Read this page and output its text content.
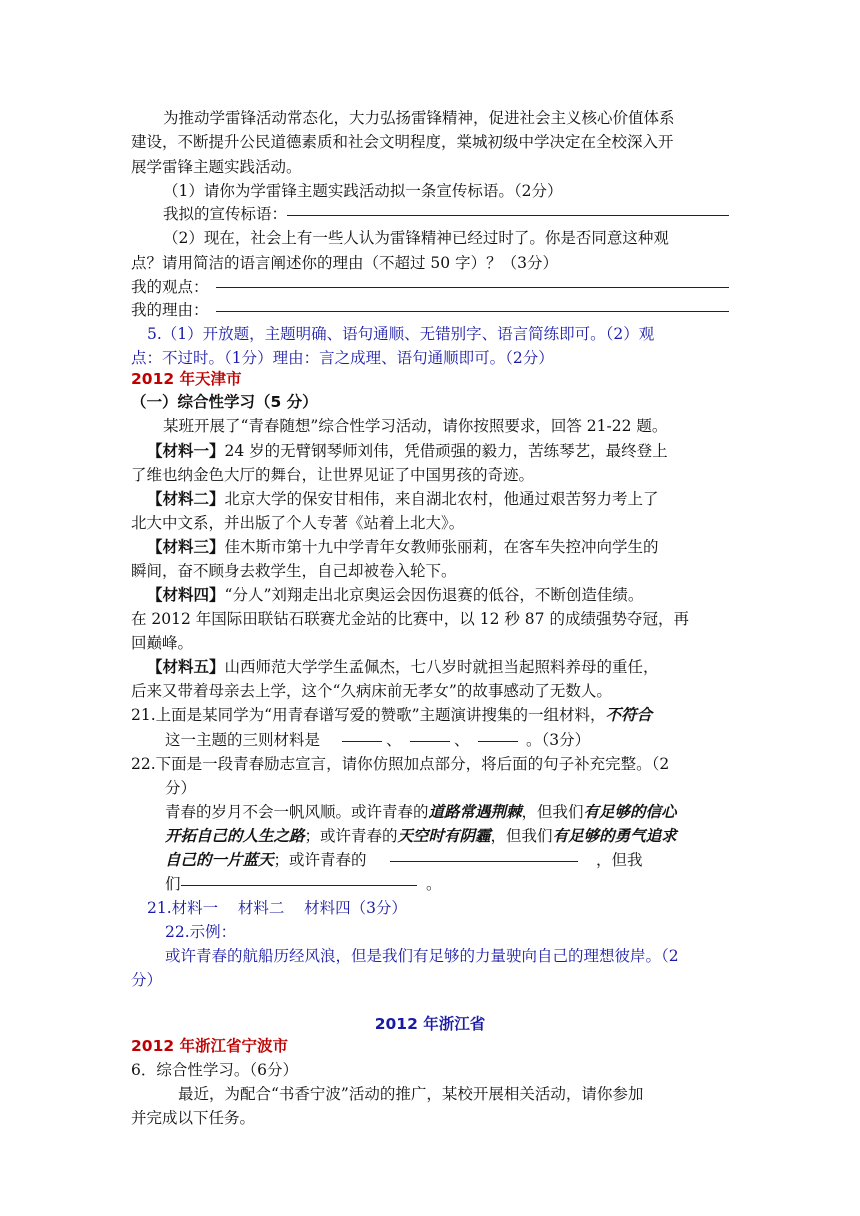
为推动学雷锋活动常态化，大力弘扬雷锋精神，促进社会主义核心价值体系
建设，不断提升公民道德素质和社会文明程度，棠城初级中学决定在全校深入开
展学雷锋主题实践活动。
（1）请你为学雷锋主题实践活动拟一条宣传标语。（2分）
我拟的宣传标语：
（2）现在，社会上有一些人认为雷锋精神已经过时了。你是否同意这种观
点？请用简洁的语言阐述你的理由（不超过 50 字）？（3分）
我的观点：
我的理由：
5.（1）开放题，主题明确、语句通顺、无错别字、语言简练即可。（2）观
点：不过时。（1分）理由：言之成理、语句通顺即可。（2分）
2012 年天津市
（一）综合性学习（5 分）
某班开展了“青春随想”综合性学习活动，请你按照要求，回答 21-22 题。
【材料一】24 岁的无臂钢琴师刘伟，凭借顽强的毅力，苦练琴艺，最终登上
了维也纳金色大厅的舞台，让世界见证了中国男孩的奇迹。
【材料二】北京大学的保安甘相伟，来自湖北农村，他通过艰苦努力考上了
北大中文系，并出版了个人专著《站着上北大》。
【材料三】佳木斯市第十九中学青年女教师张丽莉，在客车失控冲向学生的
瞬间，奋不顾身去救学生，自己却被卷入轮下。
【材料四】“分人”刘翔走出北京奥运会因伤退赛的低谷，不断创造佳绩。
在 2012 年国际田联钻石联赛尤金站的比赛中，以 12 秒 87 的成绩强势夺冠，再
回巅峰。
【材料五】山西师范大学学生孟佩杰，七八岁时就担当起照料养母的重任，
后来又带着母亲去上学，这个“久病床前无孝女”的故事感动了无数人。
21.上面是某同学为“用青春谱写爱的赞歌”主题演讲搜集的一组材料，不符合
这一主题的三则材料是	、	、	。（3分）
22.下面是一段青春励志宣言，请你仿照加点部分，将后面的句子补充完整。（2
分）
青春的岁月不会一帆风顺。或许青春的道路常遇荆棘，但我们有足够的信心
开拓自己的人生之路；或许青春的天空时有阴霾，但我们有足够的勇气追求
自己的一片蓝天；或许青春的	，但我
们	。
21.材料一    材料二    材料四（3分）
22.示例：
或许青春的航船历经风浪，但是我们有足够的力量驶向自己的理想彼岸。（2
分）
2012 年浙江省
2012 年浙江省宁波市
6．综合性学习。（6分）
最近，为配合“书香宁波”活动的推广，某校开展相关活动，请你参加
并完成以下任务。
